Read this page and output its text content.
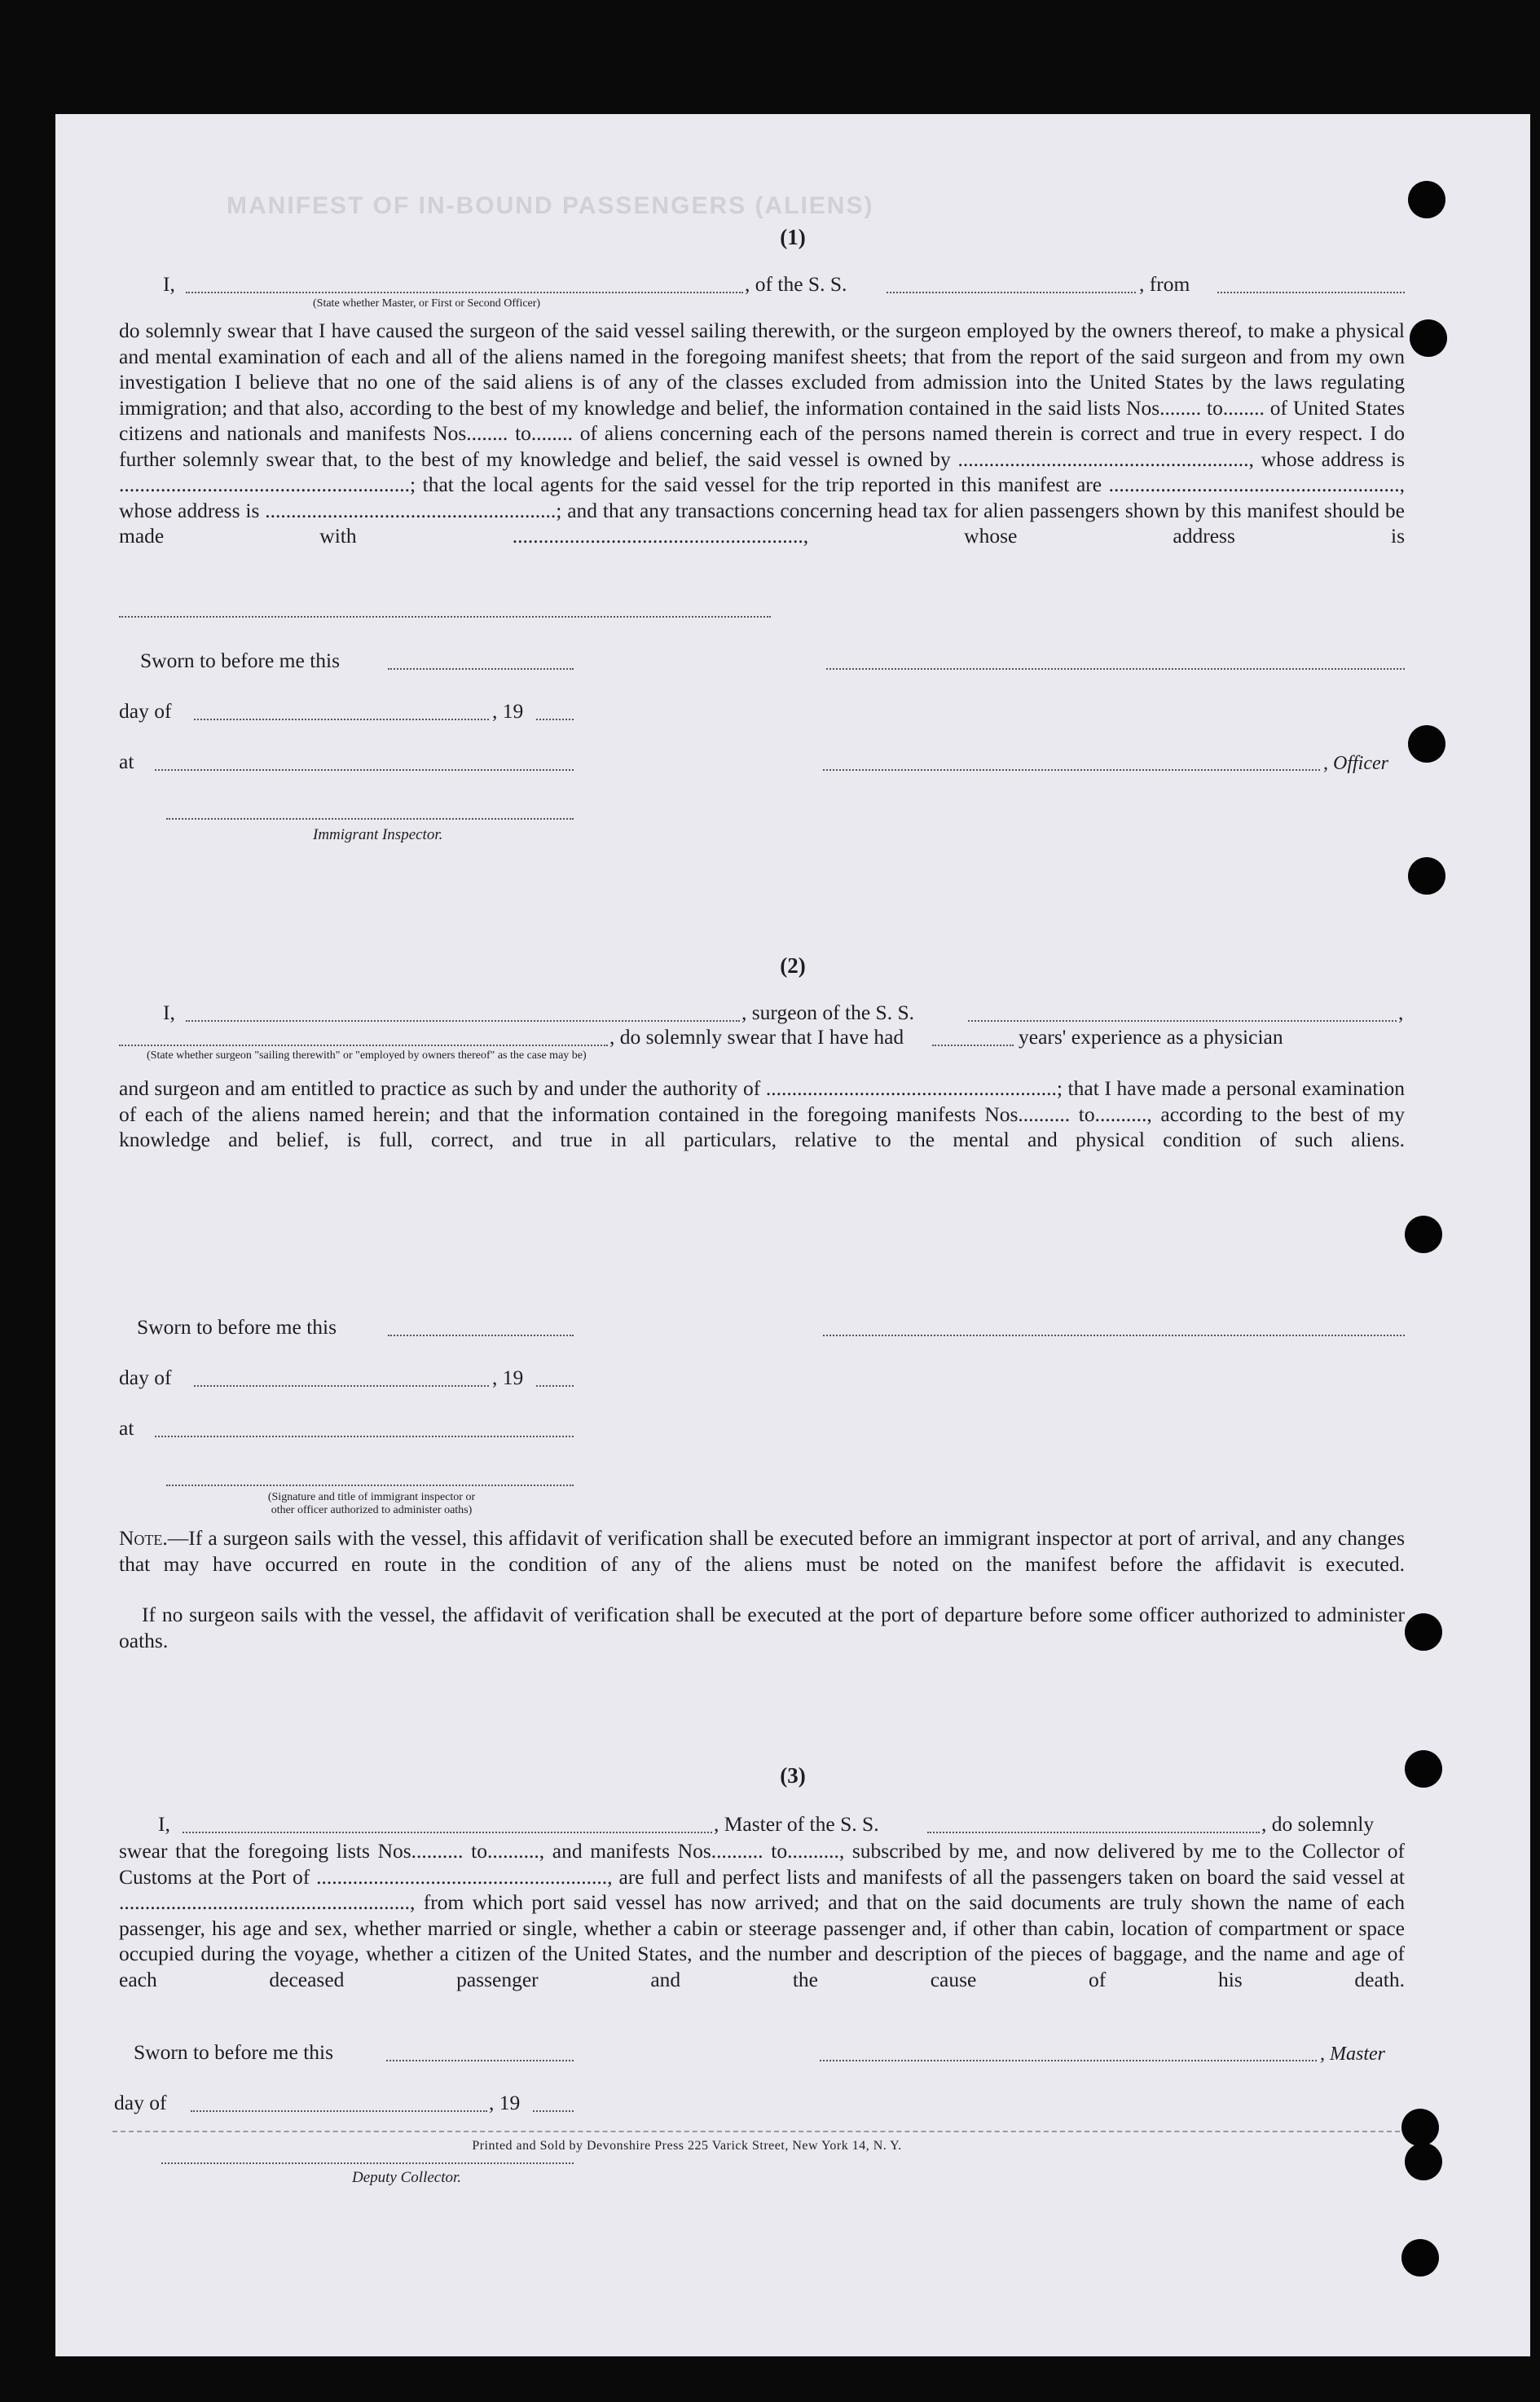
MANIFEST OF IN-BOUND PASSENGERS (ALIENS)
(1)
I,	, of the S. S.	, from
(State whether Master, or First or Second Officer)
do solemnly swear that I have caused the surgeon of the said vessel sailing therewith, or the surgeon employed by the owners thereof, to make a physical and mental examination of each and all of the aliens named in the foregoing manifest sheets; that from the report of the said surgeon and from my own investigation I believe that no one of the said aliens is of any of the classes excluded from admission into the United States by the laws regulating immigration; and that also, according to the best of my knowledge and belief, the information contained in the said lists Nos........ to........ of United States citizens and nationals and manifests Nos........ to........ of aliens concerning each of the persons named therein is correct and true in every respect. I do further solemnly swear that, to the best of my knowledge and belief, the said vessel is owned by ........................................................, whose address is ........................................................; that the local agents for the said vessel for the trip reported in this manifest are ........................................................, whose address is ........................................................; and that any transactions concerning head tax for alien passengers shown by this manifest should be made with ........................................................, whose address is
Sworn to before me this
day of	, 19
at	, Officer
Immigrant Inspector.
(2)
I,	, surgeon of the S. S.	,
, do solemnly swear that I have had	years' experience as a physician
(State whether surgeon "sailing therewith" or "employed by owners thereof" as the case may be)
and surgeon and am entitled to practice as such by and under the authority of ........................................................; that I have made a personal examination of each of the aliens named herein; and that the information contained in the foregoing manifests Nos.......... to.........., according to the best of my knowledge and belief, is full, correct, and true in all particulars, relative to the mental and physical condition of such aliens.
Sworn to before me this
day of	, 19
at
(Signature and title of immigrant inspector or
other officer authorized to administer oaths)
Note.—If a surgeon sails with the vessel, this affidavit of verification shall be executed before an immigrant inspector at port of arrival, and any changes that may have occurred en route in the condition of any of the aliens must be noted on the manifest before the affidavit is executed.
If no surgeon sails with the vessel, the affidavit of verification shall be executed at the port of departure before some officer authorized to administer oaths.
(3)
I,	, Master of the S. S.	, do solemnly
swear that the foregoing lists Nos.......... to.........., and manifests Nos.......... to.........., subscribed by me, and now delivered by me to the Collector of Customs at the Port of ........................................................, are full and perfect lists and manifests of all the passengers taken on board the said vessel at ........................................................, from which port said vessel has now arrived; and that on the said documents are truly shown the name of each passenger, his age and sex, whether married or single, whether a cabin or steerage passenger and, if other than cabin, location of compartment or space occupied during the voyage, whether a citizen of the United States, and the number and description of the pieces of baggage, and the name and age of each deceased passenger and the cause of his death.
Sworn to before me this	, Master
day of	, 19
Deputy Collector.
Printed and Sold by Devonshire Press 225 Varick Street, New York 14, N. Y.
